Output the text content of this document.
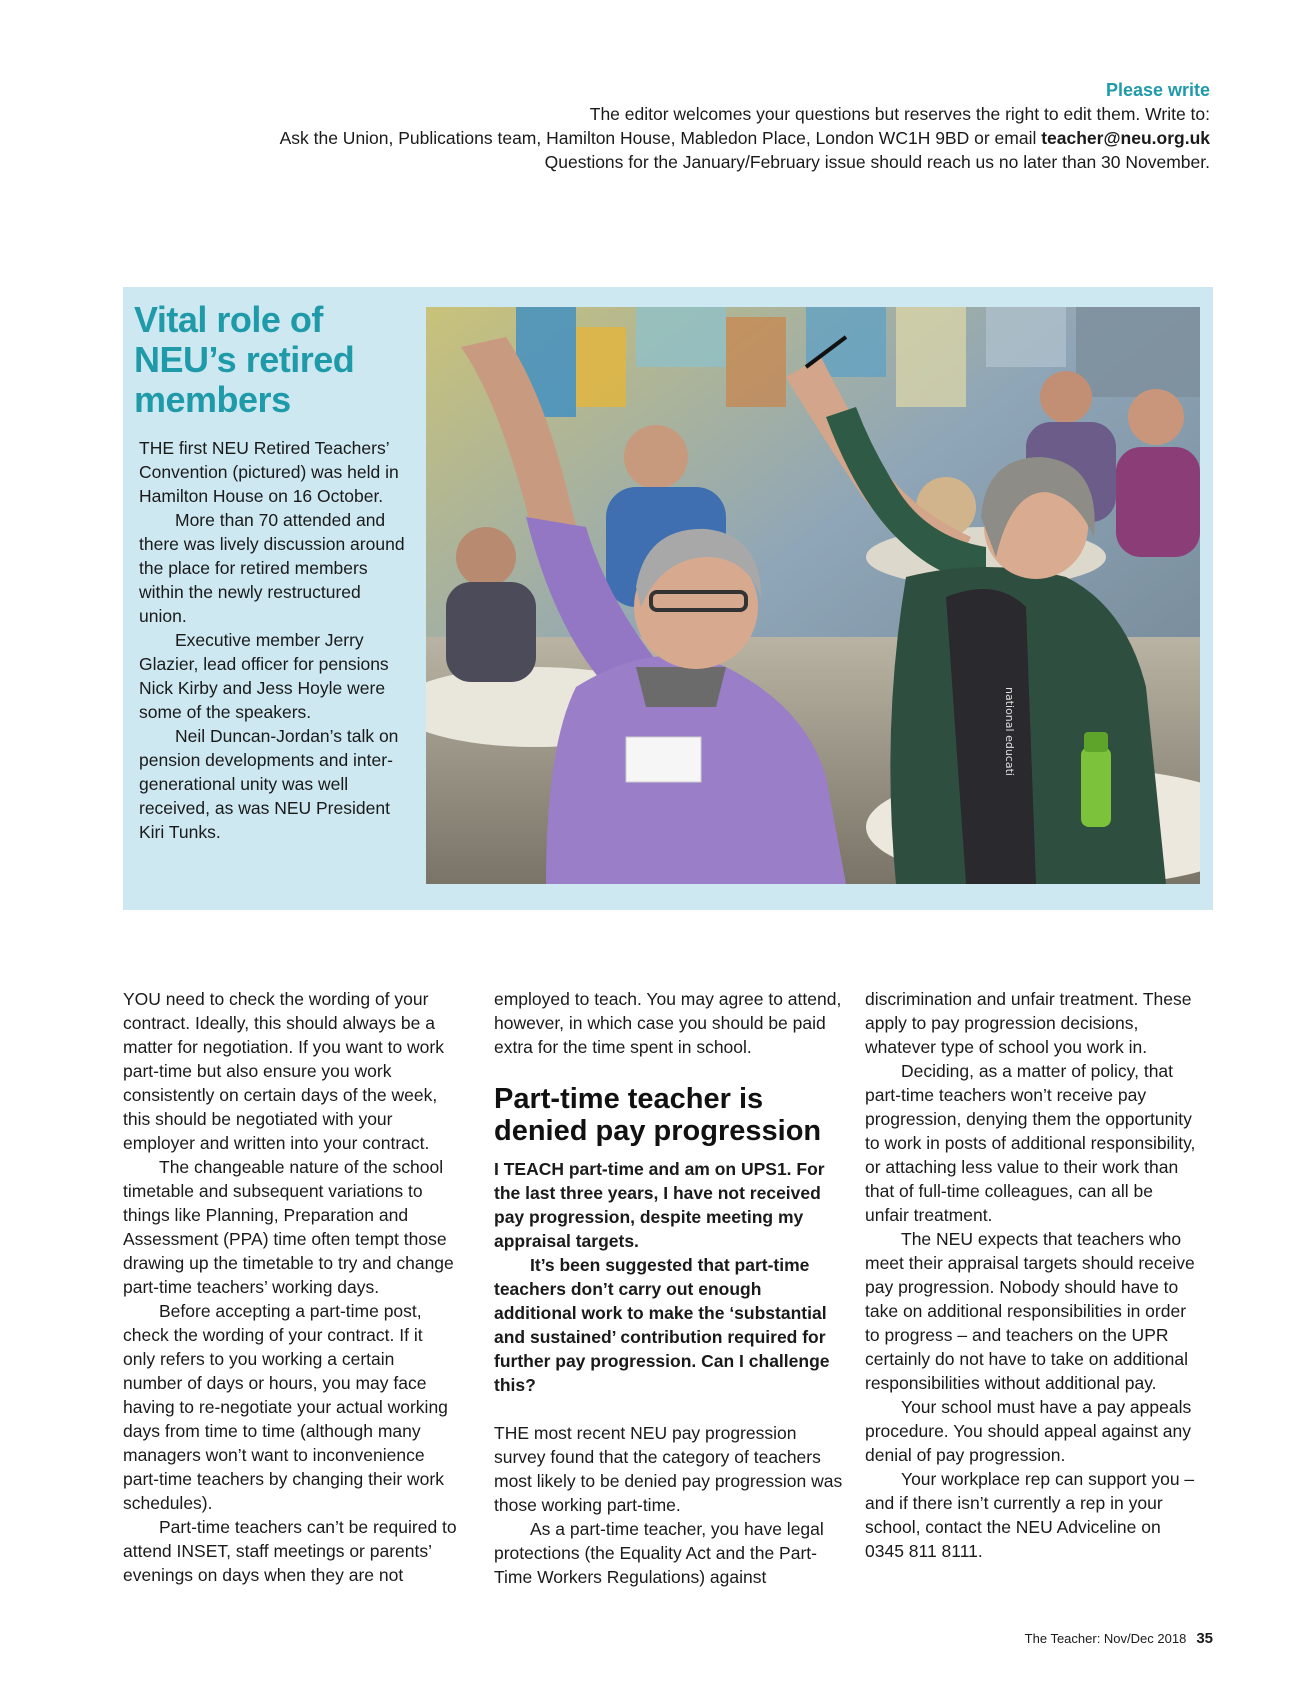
Please write
The editor welcomes your questions but reserves the right to edit them. Write to:
Ask the Union, Publications team, Hamilton House, Mabledon Place, London WC1H 9BD or email teacher@neu.org.uk
Questions for the January/February issue should reach us no later than 30 November.
Vital role of NEU’s retired members

THE first NEU Retired Teachers’ Convention (pictured) was held in Hamilton House on 16 October.

More than 70 attended and there was lively discussion around the place for retired members within the newly restructured union.

Executive member Jerry Glazier, lead officer for pensions Nick Kirby and Jess Hoyle were some of the speakers.

Neil Duncan-Jordan’s talk on pension developments and inter-generational unity was well received, as was NEU President Kiri Tunks.

national educati

YOU need to check the wording of your contract. Ideally, this should always be a matter for negotiation. If you want to work part-time but also ensure you work consistently on certain days of the week, this should be negotiated with your employer and written into your contract.

The changeable nature of the school timetable and subsequent variations to things like Planning, Preparation and Assessment (PPA) time often tempt those drawing up the timetable to try and change part-time teachers’ working days.

Before accepting a part-time post, check the wording of your contract. If it only refers to you working a certain number of days or hours, you may face having to re-negotiate your actual working days from time to time (although many managers won’t want to inconvenience part-time teachers by changing their work schedules).

Part-time teachers can’t be required to attend INSET, staff meetings or parents’ evenings on days when they are not

employed to teach. You may agree to attend, however, in which case you should be paid extra for the time spent in school.

Part-time teacher is denied pay progression

I TEACH part-time and am on UPS1. For the last three years, I have not received pay progression, despite meeting my appraisal targets.

It’s been suggested that part-time teachers don’t carry out enough additional work to make the ‘substantial and sustained’ contribution required for further pay progression. Can I challenge this?

THE most recent NEU pay progression survey found that the category of teachers most likely to be denied pay progression was those working part-time.

As a part-time teacher, you have legal protections (the Equality Act and the Part-Time Workers Regulations) against

discrimination and unfair treatment. These apply to pay progression decisions, whatever type of school you work in.

Deciding, as a matter of policy, that part-time teachers won’t receive pay progression, denying them the opportunity to work in posts of additional responsibility, or attaching less value to their work than that of full-time colleagues, can all be unfair treatment.

The NEU expects that teachers who meet their appraisal targets should receive pay progression. Nobody should have to take on additional responsibilities in order to progress – and teachers on the UPR certainly do not have to take on additional responsibilities without additional pay.

Your school must have a pay appeals procedure. You should appeal against any denial of pay progression.

Your workplace rep can support you – and if there isn’t currently a rep in your school, contact the NEU Adviceline on 0345 811 8111.

The Teacher: Nov/Dec 2018 35
